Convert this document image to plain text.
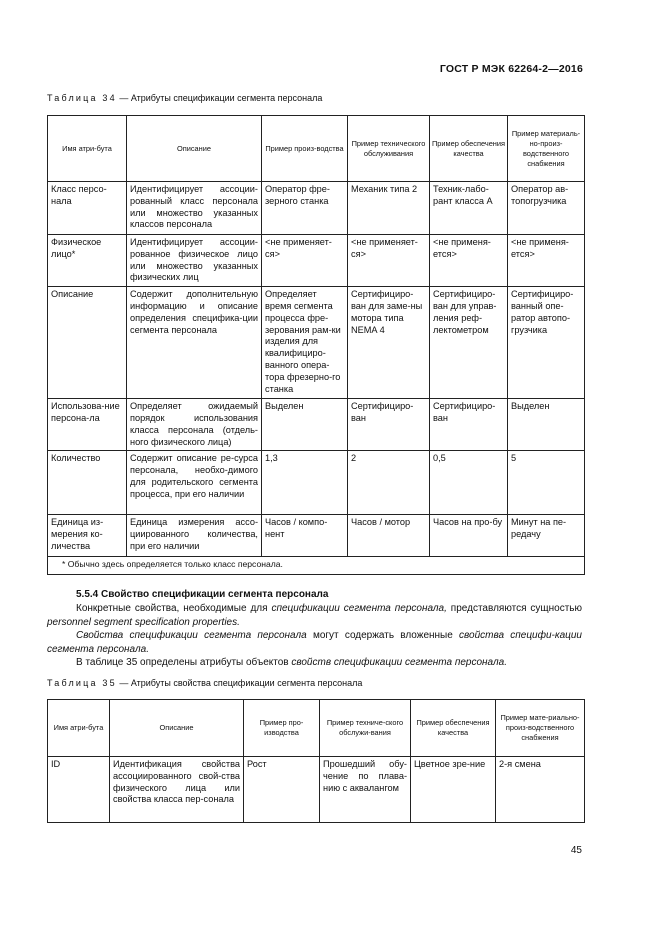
ГОСТ Р МЭК 62264-2—2016
Таблица 34 — Атрибуты спецификации сегмента персонала
Имя атри-бута	Описание	Пример произ-водства	Пример технического обслуживания	Пример обеспечения качества	Пример материаль-но-произ-водственного снабжения
Класс персо-нала	Идентифицирует ассоции-рованный класс персонала или множество указанных классов персонала	Оператор фре-зерного станка	Механик типа 2	Техник-лабо-рант класса А	Оператор ав-топогрузчика
Физическое лицо*	Идентифицирует ассоции-рованное физическое лицо или множество указанных физических лиц	<не применяет-ся>	<не применяет-ся>	<не применя-ется>	<не применя-ется>
Описание	Содержит дополнительную информацию и описание определения специфика-ции сегмента персонала	Определяет время сегмента процесса фре-зерования рам-ки изделия для квалифициро-ванного опера-тора фрезерно-го станка	Сертифициро-ван для заме-ны мотора типа NEMA 4	Сертифициро-ван для управ-ления реф-лектометром	Сертифициро-ванный опе-ратор автопо-грузчика
Использова-ние персона-ла	Определяет ожидаемый порядок использования класса персонала (отдель-ного физического лица)	Выделен	Сертифициро-ван	Сертифициро-ван	Выделен
Количество	Содержит описание ре-сурса персонала, необхо-димого для родительского сегмента процесса, при его наличии	1,3	2	0,5	5
Единица из-мерения ко-личества	Единица измерения ассо-циированного количества, при его наличии	Часов / компо-нент	Часов / мотор	Часов на про-бу	Минут на пе-редачу
* Обычно здесь определяется только класс персонала.					
5.5.4 Свойство спецификации сегмента персонала
Конкретные свойства, необходимые для спецификации сегмента персонала, представляются сущностью personnel segment specification properties.
Свойства спецификации сегмента персонала могут содержать вложенные свойства специфи-кации сегмента персонала.
В таблице 35 определены атрибуты объектов свойств спецификации сегмента персонала.
Таблица 35 — Атрибуты свойства спецификации сегмента персонала
Имя атри-бута	Описание	Пример про-изводства	Пример техниче-ского обслужи-вания	Пример обеспечения качества	Пример мате-риально-произ-водственного снабжения
ID	Идентификация свойства ассоциированного свой-ства физического лица или свойства класса пер-сонала	Рост	Прошедший обу-чение по плава-нию с аквалангом	Цветное зре-ние	2-я смена
45
